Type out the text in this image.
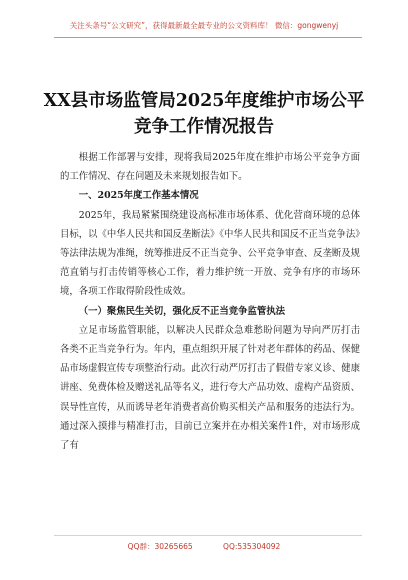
关注头条号“公文研究”，获得最新最全最专业的公文资料库！ 微信：gongwenyj
XX县市场监管局2025年度维护市场公平
竞争工作情况报告

根据工作部署与安排，现将我局2025年度在维护市场公平竞争方面的工作情况、存在问题及未来规划报告如下。

一、2025年度工作基本情况

2025年，我局紧紧围绕建设高标准市场体系、优化营商环境的总体目标，以《中华人民共和国反垄断法》《中华人民共和国反不正当竞争法》等法律法规为准绳，统筹推进反不正当竞争、公平竞争审查、反垄断及规范直销与打击传销等核心工作，着力维护统一开放、竞争有序的市场环境，各项工作取得阶段性成效。

（一）聚焦民生关切，强化反不正当竞争监管执法

立足市场监管职能，以解决人民群众急难愁盼问题为导向严厉打击各类不正当竞争行为。年内，重点组织开展了针对老年群体的药品、保健品市场虚假宣传专项整治行动。此次行动严厉打击了假借专家义诊、健康讲座、免费体检及赠送礼品等名义，进行夸大产品功效、虚构产品资质、误导性宣传，从而诱导老年消费者高价购买相关产品和服务的违法行为。通过深入摸排与精准打击，目前已立案并在办相关案件1件，对市场形成了有

QQ群：30265665	QQ:535304092
